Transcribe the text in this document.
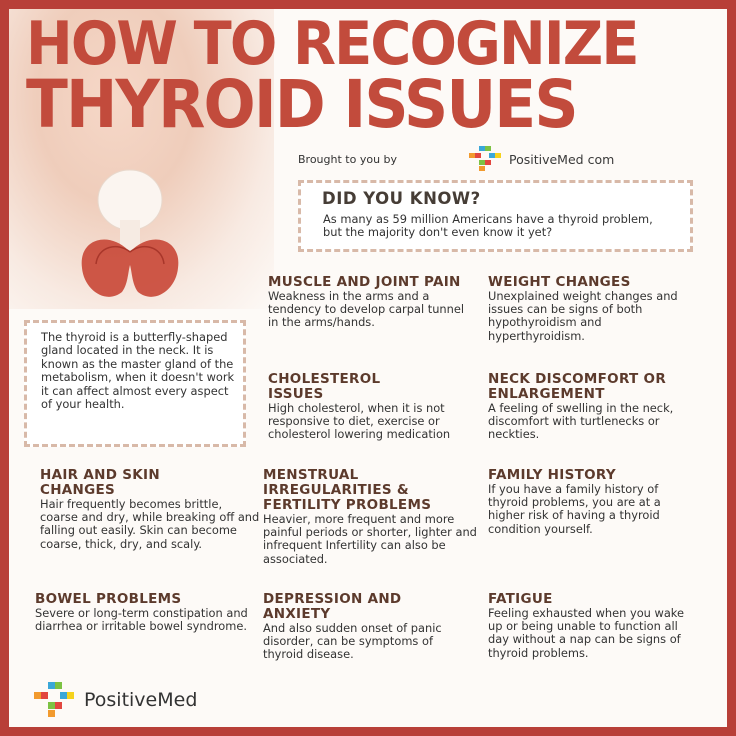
HOW TO RECOGNIZE
THYROID ISSUES
Brought to you by	PositiveMed com
DID YOU KNOW?

As many as 59 million Americans have a thyroid problem, but the majority don't even know it yet?

The thyroid is a butterfly-shaped gland located in the neck. It is known as the master gland of the metabolism, when it doesn't work it can affect almost every aspect of your health.

MUSCLE AND JOINT PAIN

Weakness in the arms and a tendency to develop carpal tunnel in the arms/hands.

WEIGHT CHANGES

Unexplained weight changes and issues can be signs of both hypothyroidism and hyperthyroidism.

CHOLESTEROL ISSUES

High cholesterol, when it is not responsive to diet, exercise or cholesterol lowering medication

NECK DISCOMFORT OR ENLARGEMENT

A feeling of swelling in the neck, discomfort with turtlenecks or neckties.

HAIR AND SKIN CHANGES

Hair frequently becomes brittle, coarse and dry, while breaking off and falling out easily. Skin can become coarse, thick, dry, and scaly.

MENSTRUAL IRREGULARITIES & FERTILITY PROBLEMS

Heavier, more frequent and more painful periods or shorter, lighter and infrequent Infertility can also be associated.

FAMILY HISTORY

If you have a family history of thyroid problems, you are at a higher risk of having a thyroid condition yourself.

BOWEL PROBLEMS

Severe or long-term constipation and diarrhea or irritable bowel syndrome.

DEPRESSION AND ANXIETY

And also sudden onset of panic disorder, can be symptoms of thyroid disease.

FATIGUE

Feeling exhausted when you wake up or being unable to function all day without a nap can be signs of thyroid problems.

PositiveMed
